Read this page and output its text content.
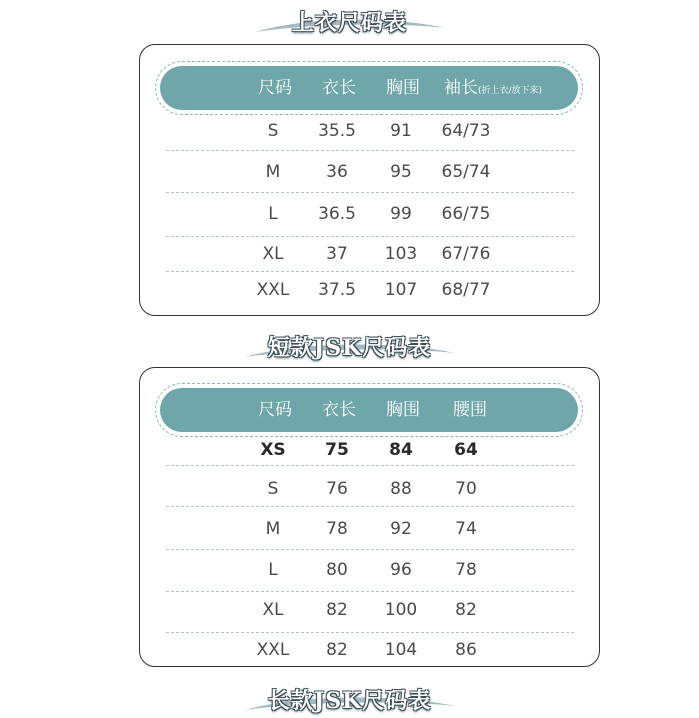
上衣尺码表
尺码	衣长	胸围	袖长(折上衣/放下来)
S	35.5	91	64/73
M	36	95	65/74
L	36.5	99	66/75
XL	37	103	67/76
XXL	37.5	107	68/77
短款JSK尺码表
尺码	衣长	胸围	腰围
XS	75	84	64
S	76	88	70
M	78	92	74
L	80	96	78
XL	82	100	82
XXL	82	104	86
长款JSK尺码表
